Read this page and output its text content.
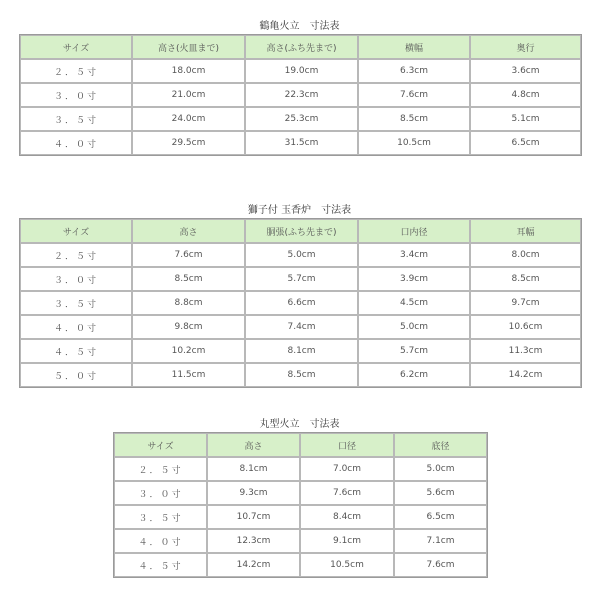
鶴亀火立　寸法表
サイズ	高さ(火皿まで)	高さ(ふち先まで)	横幅	奥行
２．５寸	18.0cm	19.0cm	6.3cm	3.6cm
３．０寸	21.0cm	22.3cm	7.6cm	4.8cm
３．５寸	24.0cm	25.3cm	8.5cm	5.1cm
４．０寸	29.5cm	31.5cm	10.5cm	6.5cm
獅子付 玉香炉　寸法表
サイズ	高さ	胴張(ふち先まで)	口内径	耳幅
２．５寸	7.6cm	5.0cm	3.4cm	8.0cm
３．０寸	8.5cm	5.7cm	3.9cm	8.5cm
３．５寸	8.8cm	6.6cm	4.5cm	9.7cm
４．０寸	9.8cm	7.4cm	5.0cm	10.6cm
４．５寸	10.2cm	8.1cm	5.7cm	11.3cm
５．０寸	11.5cm	8.5cm	6.2cm	14.2cm
丸型火立　寸法表
サイズ	高さ	口径	底径
２．５寸	8.1cm	7.0cm	5.0cm
３．０寸	9.3cm	7.6cm	5.6cm
３．５寸	10.7cm	8.4cm	6.5cm
４．０寸	12.3cm	9.1cm	7.1cm
４．５寸	14.2cm	10.5cm	7.6cm
